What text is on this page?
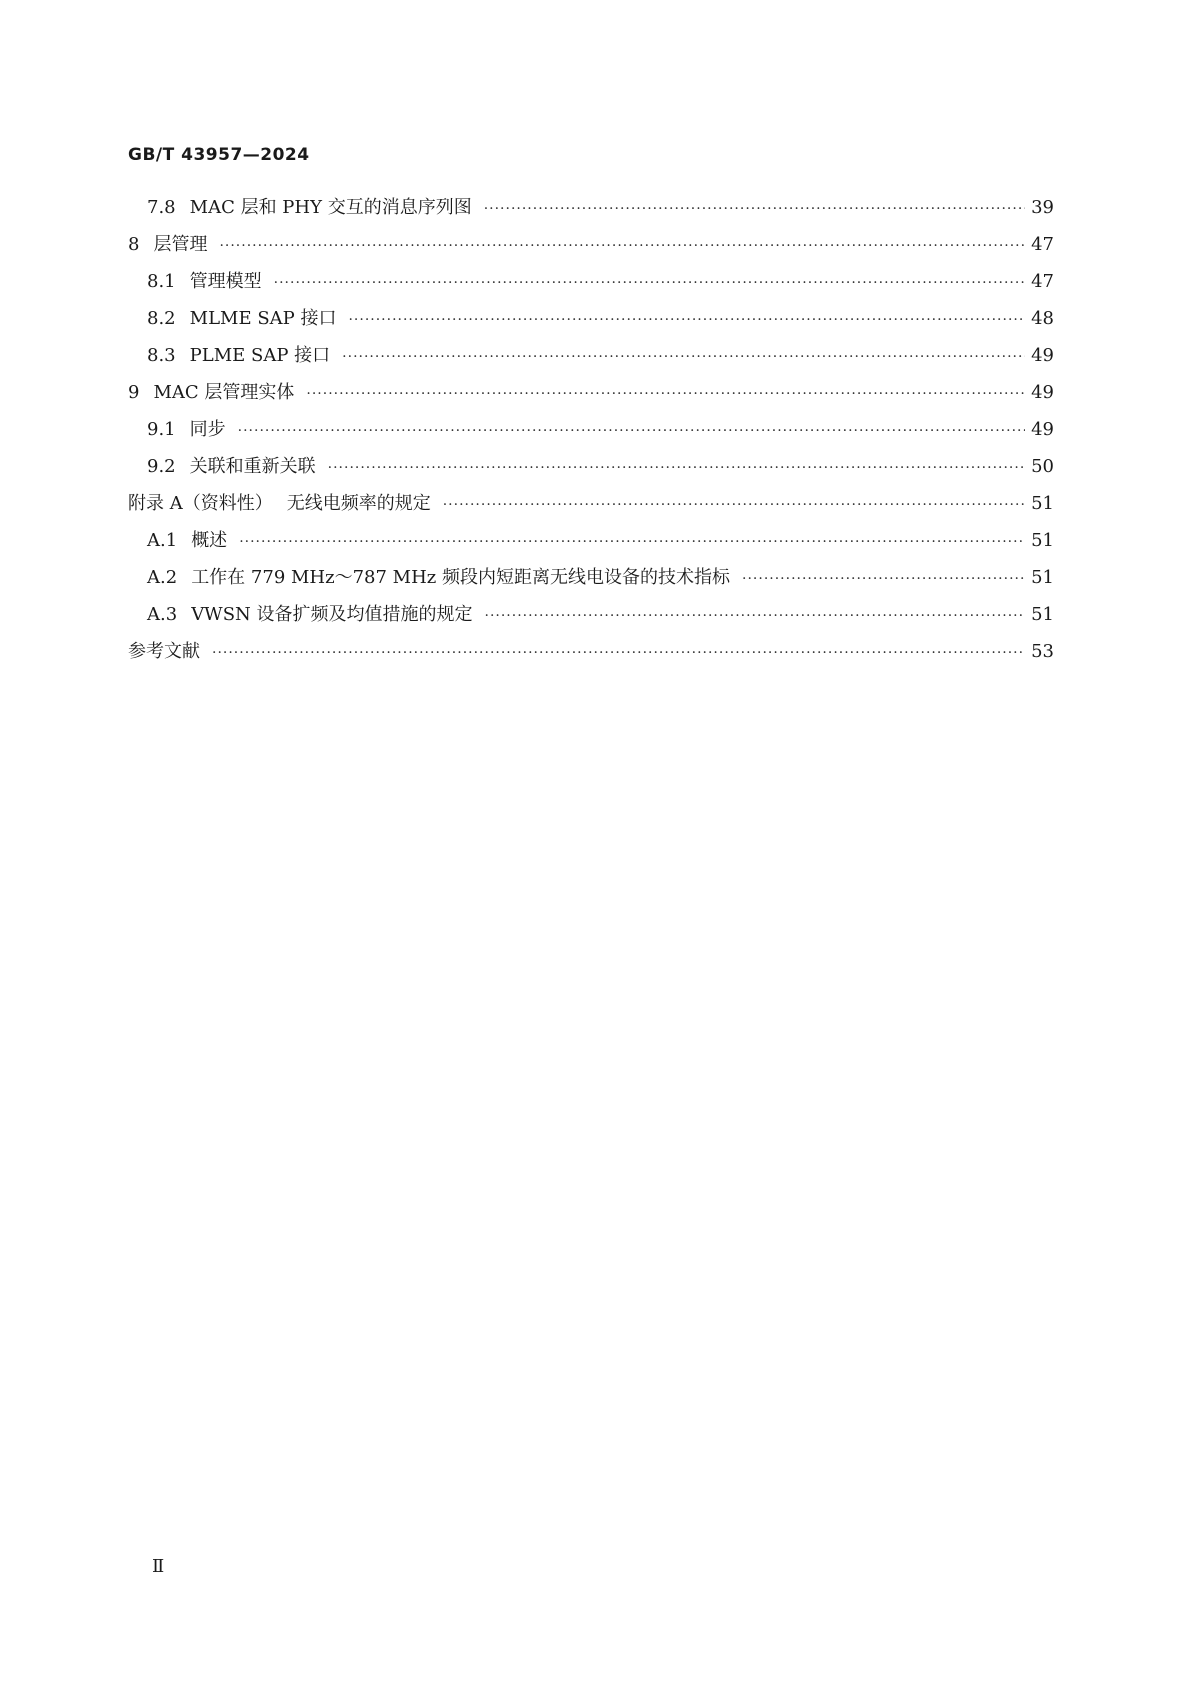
GB/T 43957—2024
7.8 MAC 层和 PHY 交互的消息序列图 ·····	39
8 层管理 ·····	47
8.1 管理模型 ·····	47
8.2 MLME SAP 接口 ·····	48
8.3 PLME SAP 接口 ·····	49
9 MAC 层管理实体 ·····	49
9.1 同步 ·····	49
9.2 关联和重新关联 ·····	50
附录 A（资料性） 无线电频率的规定 ·····	51
A.1 概述 ·····	51
A.2 工作在 779 MHz～787 MHz 频段内短距离无线电设备的技术指标 ·····	51
A.3 VWSN 设备扩频及均值措施的规定 ·····	51
参考文献 ·····	53
Ⅱ
